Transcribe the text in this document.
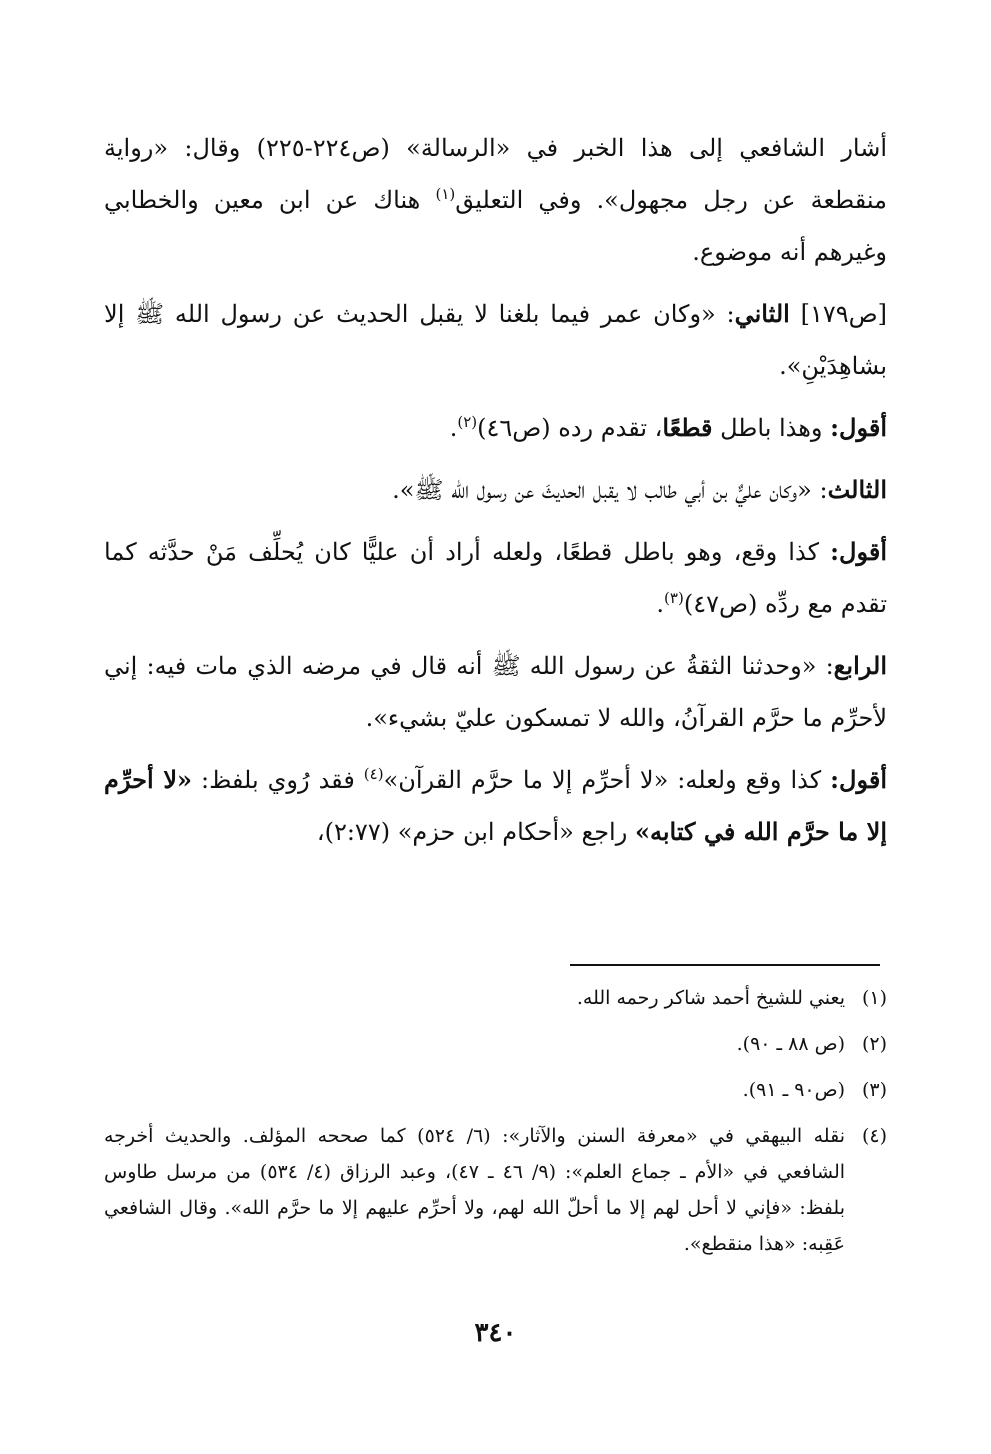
أشار الشافعي إلى هذا الخبر في «الرسالة» (ص٢٢٤-٢٢٥) وقال: «رواية منقطعة عن رجل مجهول». وفي التعليق$^{(١)}$ هناك عن ابن معين والخطابي وغيرهم أنه موضوع.

[ص١٧٩] الثاني: «وكان عمر فيما بلغنا لا يقبل الحديث عن رسول الله ﷺ إلا بشاهِدَيْنِ».

أقول: وهذا باطل قطعًا، تقدم رده (ص٤٦)$^{(٢)}$.

الثالث: «وكان عليٌّ بن أبي طالب لا يقبل الحديثَ عن رسول الله ﷺ».

أقول: كذا وقع، وهو باطل قطعًا، ولعله أراد أن عليًّا كان يُحلِّف مَنْ حدَّثه كما تقدم مع ردِّه (ص٤٧)$^{(٣)}$.

الرابع: «وحدثنا الثقةُ عن رسول الله ﷺ أنه قال في مرضه الذي مات فيه: إني لأحرِّم ما حرَّم القرآنُ، والله لا تمسكون عليّ بشيء».

أقول: كذا وقع ولعله: «لا أحرِّم إلا ما حرَّم القرآن»$^{(٤)}$ فقد رُوي بلفظ: «لا أحرِّم إلا ما حرَّم الله في كتابه» راجع «أحكام ابن حزم» (٢:٧٧)،

(١)
يعني للشيخ أحمد شاكر رحمه الله.
(٢)
(ص ٨٨ ـ ٩٠).
(٣)
(ص٩٠ ـ ٩١).
(٤)
نقله البيهقي في «معرفة السنن والآثار»: (٦/ ٥٢٤) كما صححه المؤلف. والحديث أخرجه الشافعي في «الأم ـ جماع العلم»: (٩/ ٤٦ ـ ٤٧)، وعبد الرزاق (٤/ ٥٣٤) من مرسل طاوس بلفظ: «فإني لا أحل لهم إلا ما أحلّ الله لهم، ولا أحرِّم عليهم إلا ما حرَّم الله». وقال الشافعي عَقِبه: «هذا منقطع».
٣٤٠
